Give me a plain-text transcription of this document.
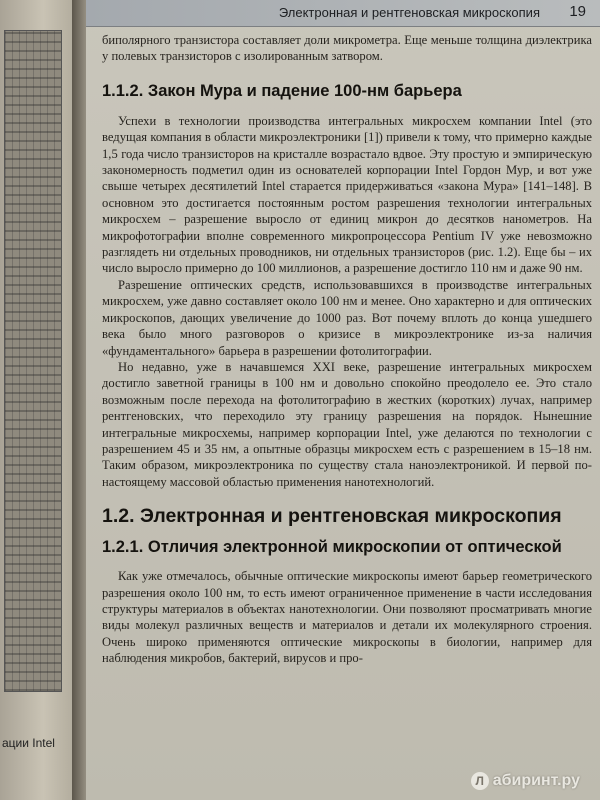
ации Intel
Электронная и рентгеновская микроскопия 19

биполярного транзистора составляет доли микрометра. Еще меньше толщина диэлектрика у полевых транзисторов с изолированным затвором.

1.1.2. Закон Мура и падение 100-нм барьера

Успехи в технологии производства интегральных микросхем компании Intel (это ведущая компания в области микроэлектроники [1]) привели к тому, что примерно каждые 1,5 года число транзисторов на кристалле возрастало вдвое. Эту простую и эмпирическую закономерность подметил один из основателей корпорации Intel Гордон Мур, и вот уже свыше четырех десятилетий Intel старается придерживаться «закона Мура» [141–148]. В основном это достигается постоянным ростом разрешения технологии интегральных микросхем – разрешение выросло от единиц микрон до десятков нанометров. На микрофотографии вполне современного микропроцессора Pentium IV уже невозможно разглядеть ни отдельных проводников, ни отдельных транзисторов (рис. 1.2). Еще бы – их число выросло примерно до 100 миллионов, а разрешение достигло 110 нм и даже 90 нм.

Разрешение оптических средств, использовавшихся в производстве интегральных микросхем, уже давно составляет около 100 нм и менее. Оно характерно и для оптических микроскопов, дающих увеличение до 1000 раз. Вот почему вплоть до конца ушедшего века было много разговоров о кризисе в микроэлектронике из-за наличия «фундаментального» барьера в разрешении фотолитографии.

Но недавно, уже в начавшемся XXI веке, разрешение интегральных микросхем достигло заветной границы в 100 нм и довольно спокойно преодолело ее. Это стало возможным после перехода на фотолитографию в жестких (коротких) лучах, например рентгеновских, что переходило эту границу разрешения на порядок. Нынешние интегральные микросхемы, например корпорации Intel, уже делаются по технологии с разрешением 45 и 35 нм, а опытные образцы микросхем есть с разрешением в 15–18 нм. Таким образом, микроэлектроника по существу стала наноэлектроникой. И первой по-настоящему массовой областью применения нанотехнологий.

1.2. Электронная и рентгеновская микроскопия
1.2.1. Отличия электронной микроскопии от оптической

Как уже отмечалось, обычные оптические микроскопы имеют барьер геометрического разрешения около 100 нм, то есть имеют ограниченное применение в части исследования структуры материалов в объектах нанотехнологии. Они позволяют просматривать многие виды молекул различных веществ и материалов и детали их молекулярного строения. Очень широко применяются оптические микроскопы в биологии, например для наблюдения микробов, бактерий, вирусов и про-

Л абиринт.ру
